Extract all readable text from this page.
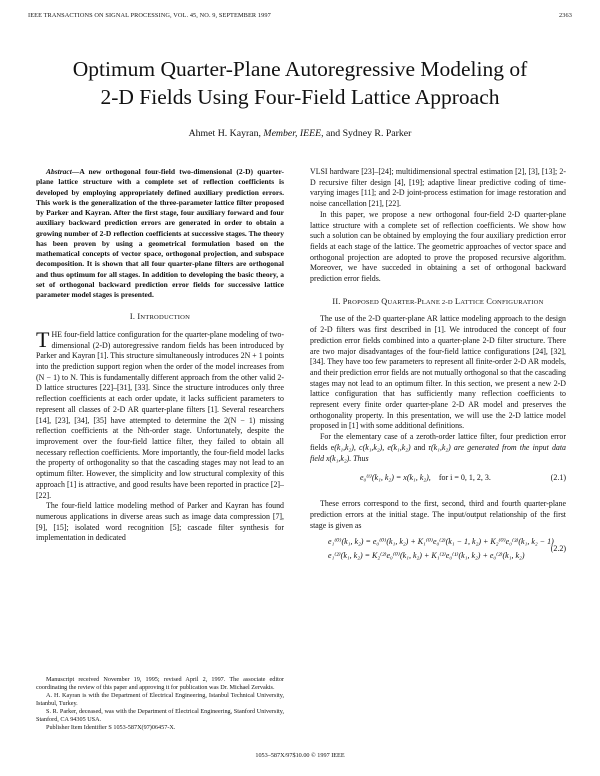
IEEE TRANSACTIONS ON SIGNAL PROCESSING, VOL. 45, NO. 9, SEPTEMBER 1997	2363
Optimum Quarter-Plane Autoregressive Modeling of
2-D Fields Using Four-Field Lattice Approach
Ahmet H. Kayran, Member, IEEE, and Sydney R. Parker

Abstract—A new orthogonal four-field two-dimensional (2-D) quarter-plane lattice structure with a complete set of reflection coefficients is developed by employing appropriately defined auxiliary prediction errors. This work is the generalization of the three-parameter lattice filter proposed by Parker and Kayran. After the first stage, four auxiliary forward and four auxiliary backward prediction errors are generated in order to obtain a growing number of 2-D reflection coefficients at successive stages. The theory has been proven by using a geometrical formulation based on the mathematical concepts of vector space, orthogonal projection, and subspace decomposition. It is shown that all four quarter-plane filters are orthogonal and thus optimum for all stages. In addition to developing the basic theory, a set of orthogonal backward prediction error fields for successive lattice parameter model stages is presented.

I. INTRODUCTION

THE four-field lattice configuration for the quarter-plane modeling of two-dimensional (2-D) autoregressive random fields has been introduced by Parker and Kayran [1]. This structure simultaneously introduces 2N + 1 points into the prediction support region when the order of the model increases from (N − 1) to N. This is fundamentally different approach from the other valid 2-D lattice structures [22]–[31], [33]. Since the structure introduces only three reflection coefficients at each order update, it lacks sufficient parameters to represent all classes of 2-D AR quarter-plane filters [1]. Several researchers [14], [23], [34], [35] have attempted to determine the 2(N − 1) missing reflection coefficients at the Nth-order stage. Unfortunately, despite the improvement over the four-field lattice filter, they failed to obtain all necessary reflection coefficients. More importantly, the four-field model lacks the property of orthogonality so that the cascading stages may not lead to an optimum filter. However, the simplicity and low structural complexity of this approach [1] is attractive, and good results have been reported in practice [2]–[22].

The four-field lattice modeling method of Parker and Kayran has found numerous applications in diverse areas such as image data compression [7], [9], [15]; isolated word recognition [5]; cascade filter synthesis for implementation in dedicated

Manuscript received November 19, 1995; revised April 2, 1997. The associate editor coordinating the review of this paper and approving it for publication was Dr. Michael Zervakis.

A. H. Kayran is with the Department of Electrical Engineering, Istanbul Technical University, Istanbul, Turkey.

S. R. Parker, deceased, was with the Department of Electrical Engineering, Stanford University, Stanford, CA 94305 USA.

Publisher Item Identifier S 1053-587X(97)06457-X.

VLSI hardware [23]–[24]; multidimensional spectral estimation [2], [3], [13]; 2-D recursive filter design [4], [19]; adaptive linear predictive coding of time-varying images [11]; and 2-D joint-process estimation for image restoration and noise cancellation [21], [22].

In this paper, we propose a new orthogonal four-field 2-D quarter-plane lattice structure with a complete set of reflection coefficients. We show how such a solution can be obtained by employing the four auxiliary prediction error fields at each stage of the lattice. The geometric approaches of vector space and orthogonal projection are adopted to prove the proposed recursive algorithm. Moreover, we have succeded in obtaining a set of orthogonal backward prediction error fields.

II. PROPOSED QUARTER-PLANE 2-D LATTICE CONFIGURATION

The use of the 2-D quarter-plane AR lattice modeling approach to the design of 2-D filters was first described in [1]. We introduced the concept of four prediction error fields combined into a quarter-plane 2-D filter structure. There are two major disadvantages of the four-field lattice configurations [24], [32], [34]. They have too few parameters to represent all finite-order 2-D AR models, and their prediction error fields are not mutually orthogonal so that the cascading stages may not lead to an optimum filter. In this section, we present a new 2-D lattice configuration that has sufficiently many reflection coefficients to represent every finite order quarter-plane 2-D AR model and preserves the orthogonality property. In this presentation, we will use the 2-D lattice model proposed in [1] with some additional definitions.

For the elementary case of a zeroth-order lattice filter, four prediction error fields e(k₁,k₂), c(k₁,k₂), e(k₁,k₂) and r(k₁,k₂) are generated from the input data field x(k₁,k₂). Thus

e₀⁽ⁱ⁾(k₁, k₂) = x(k₁, k₂), for i = 0, 1, 2, 3.	(2.1)

These errors correspond to the first, second, third and fourth quarter-plane prediction errors at the initial stage. The input/output relationship of the first stage is given as

e₁⁽⁰⁾(k₁, k₂) = e₀⁽⁰⁾(k₁, k₂) + K₁⁽⁰⁾e₀⁽²⁾(k₁ − 1, k₂) + K₂⁽⁰⁾e₀⁽³⁾(k₁, k₂ − 1)
e₁⁽²⁾(k₁, k₂) = K₂⁽²⁾e₀⁽⁰⁾(k₁, k₂) + K₁⁽²⁾e₀⁽¹⁾(k₁, k₂) + e₀⁽²⁾(k₁, k₂)
(2.2)
1053–587X/97$10.00 © 1997 IEEE
